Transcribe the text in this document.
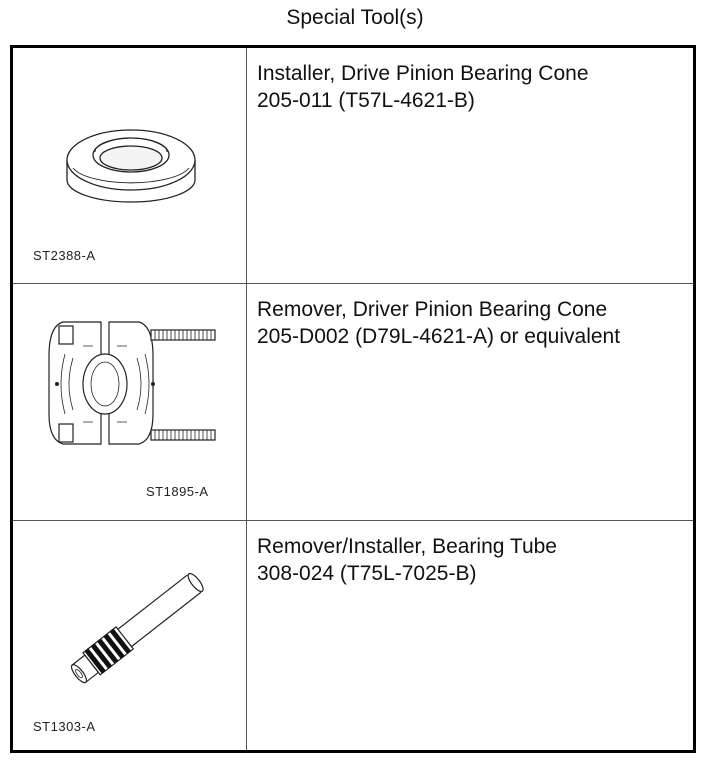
Special Tool(s)
ST2388-A
Installer, Drive Pinion Bearing Cone
205-011 (T57L-4621-B)
ST1895-A
Remover, Driver Pinion Bearing Cone
205-D002 (D79L-4621-A) or equivalent
ST1303-A
Remover/Installer, Bearing Tube
308-024 (T75L-7025-B)
